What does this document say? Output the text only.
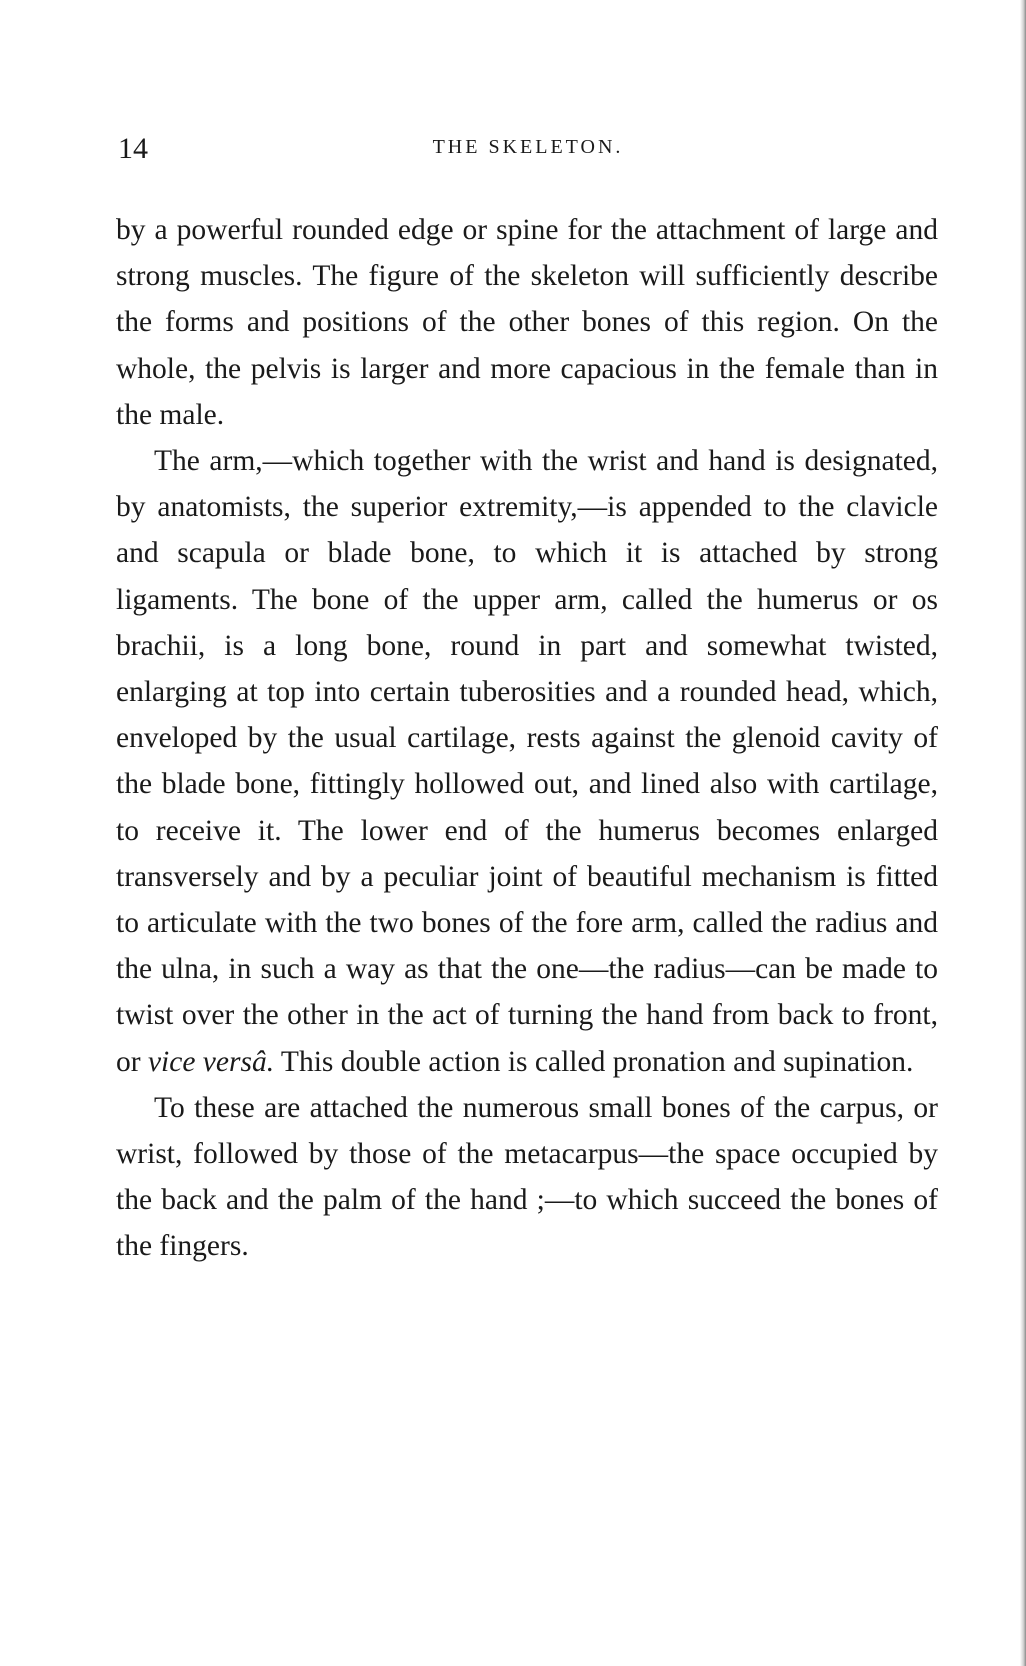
14	THE SKELETON.

by a powerful rounded edge or spine for the attachment of large and strong muscles. The figure of the skeleton will sufficiently describe the forms and positions of the other bones of this region. On the whole, the pelvis is larger and more capacious in the female than in the male.

The arm,—which together with the wrist and hand is designated, by anatomists, the superior extremity,—is appended to the clavicle and scapula or blade bone, to which it is attached by strong ligaments. The bone of the upper arm, called the humerus or os brachii, is a long bone, round in part and somewhat twisted, enlarging at top into certain tuberosities and a rounded head, which, enveloped by the usual cartilage, rests against the glenoid cavity of the blade bone, fittingly hollowed out, and lined also with cartilage, to receive it. The lower end of the humerus becomes enlarged transversely and by a peculiar joint of beautiful mechanism is fitted to articulate with the two bones of the fore arm, called the radius and the ulna, in such a way as that the one—the radius—can be made to twist over the other in the act of turning the hand from back to front, or vice versâ. This double action is called pronation and supination.

To these are attached the numerous small bones of the carpus, or wrist, followed by those of the metacarpus—the space occupied by the back and the palm of the hand ;—to which succeed the bones of the fingers.
